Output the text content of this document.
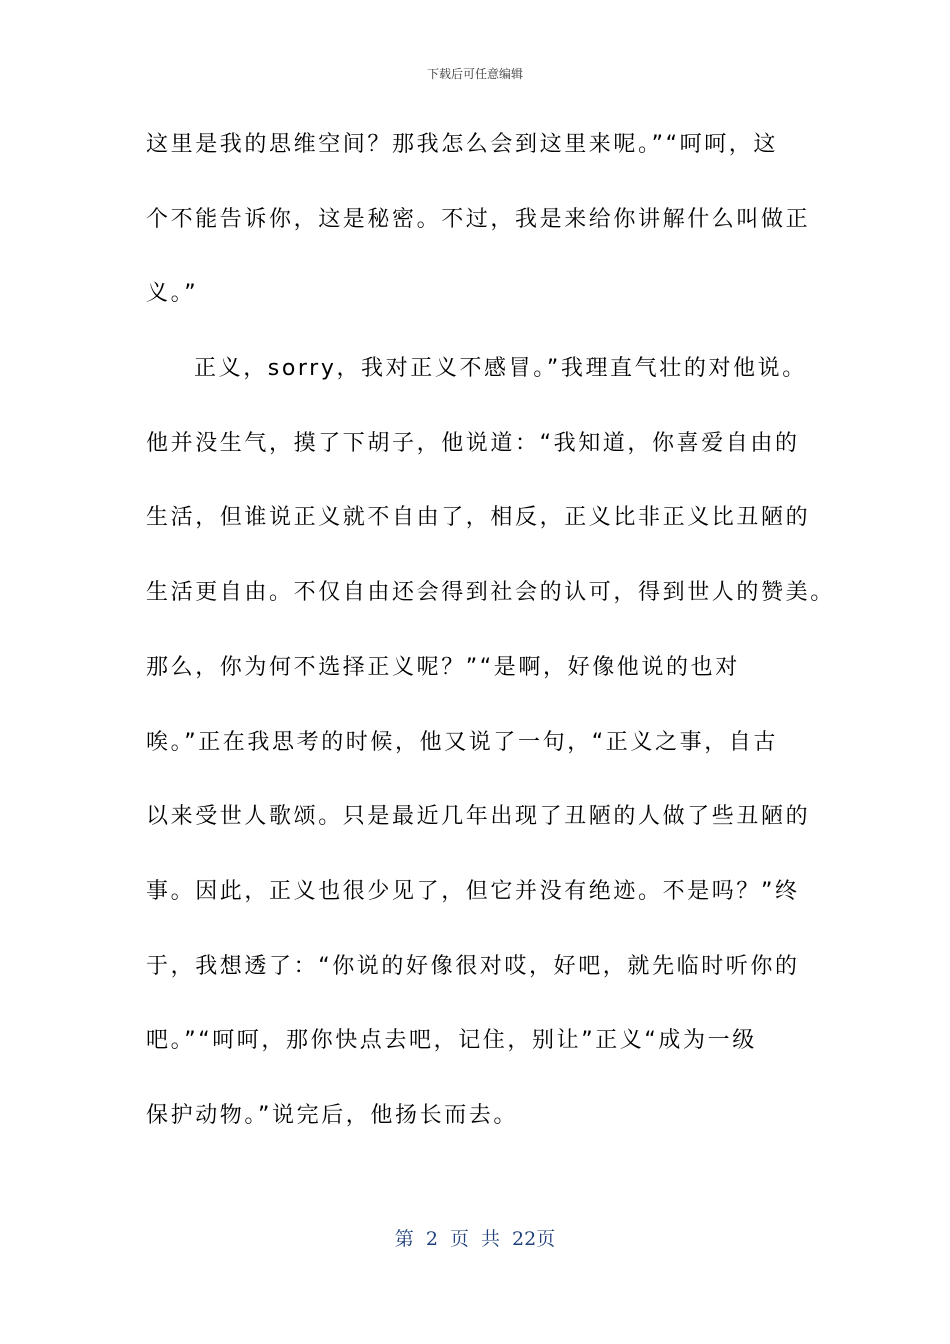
下载后可任意编辑
这里是我的思维空间？那我怎么会到这里来呢。”“呵呵，这
个不能告诉你，这是秘密。不过，我是来给你讲解什么叫做正
义。”
正义，sorry，我对正义不感冒。”我理直气壮的对他说。
他并没生气，摸了下胡子，他说道：“我知道，你喜爱自由的
生活，但谁说正义就不自由了，相反，正义比非正义比丑陋的
生活更自由。不仅自由还会得到社会的认可，得到世人的赞美。
那么，你为何不选择正义呢？”“是啊，好像他说的也对
唉。”正在我思考的时候，他又说了一句，“正义之事，自古
以来受世人歌颂。只是最近几年出现了丑陋的人做了些丑陋的
事。因此，正义也很少见了，但它并没有绝迹。不是吗？”终
于，我想透了：“你说的好像很对哎，好吧，就先临时听你的
吧。”“呵呵，那你快点去吧，记住，别让”正义“成为一级
保护动物。”说完后，他扬长而去。
第 2 页 共 22页
